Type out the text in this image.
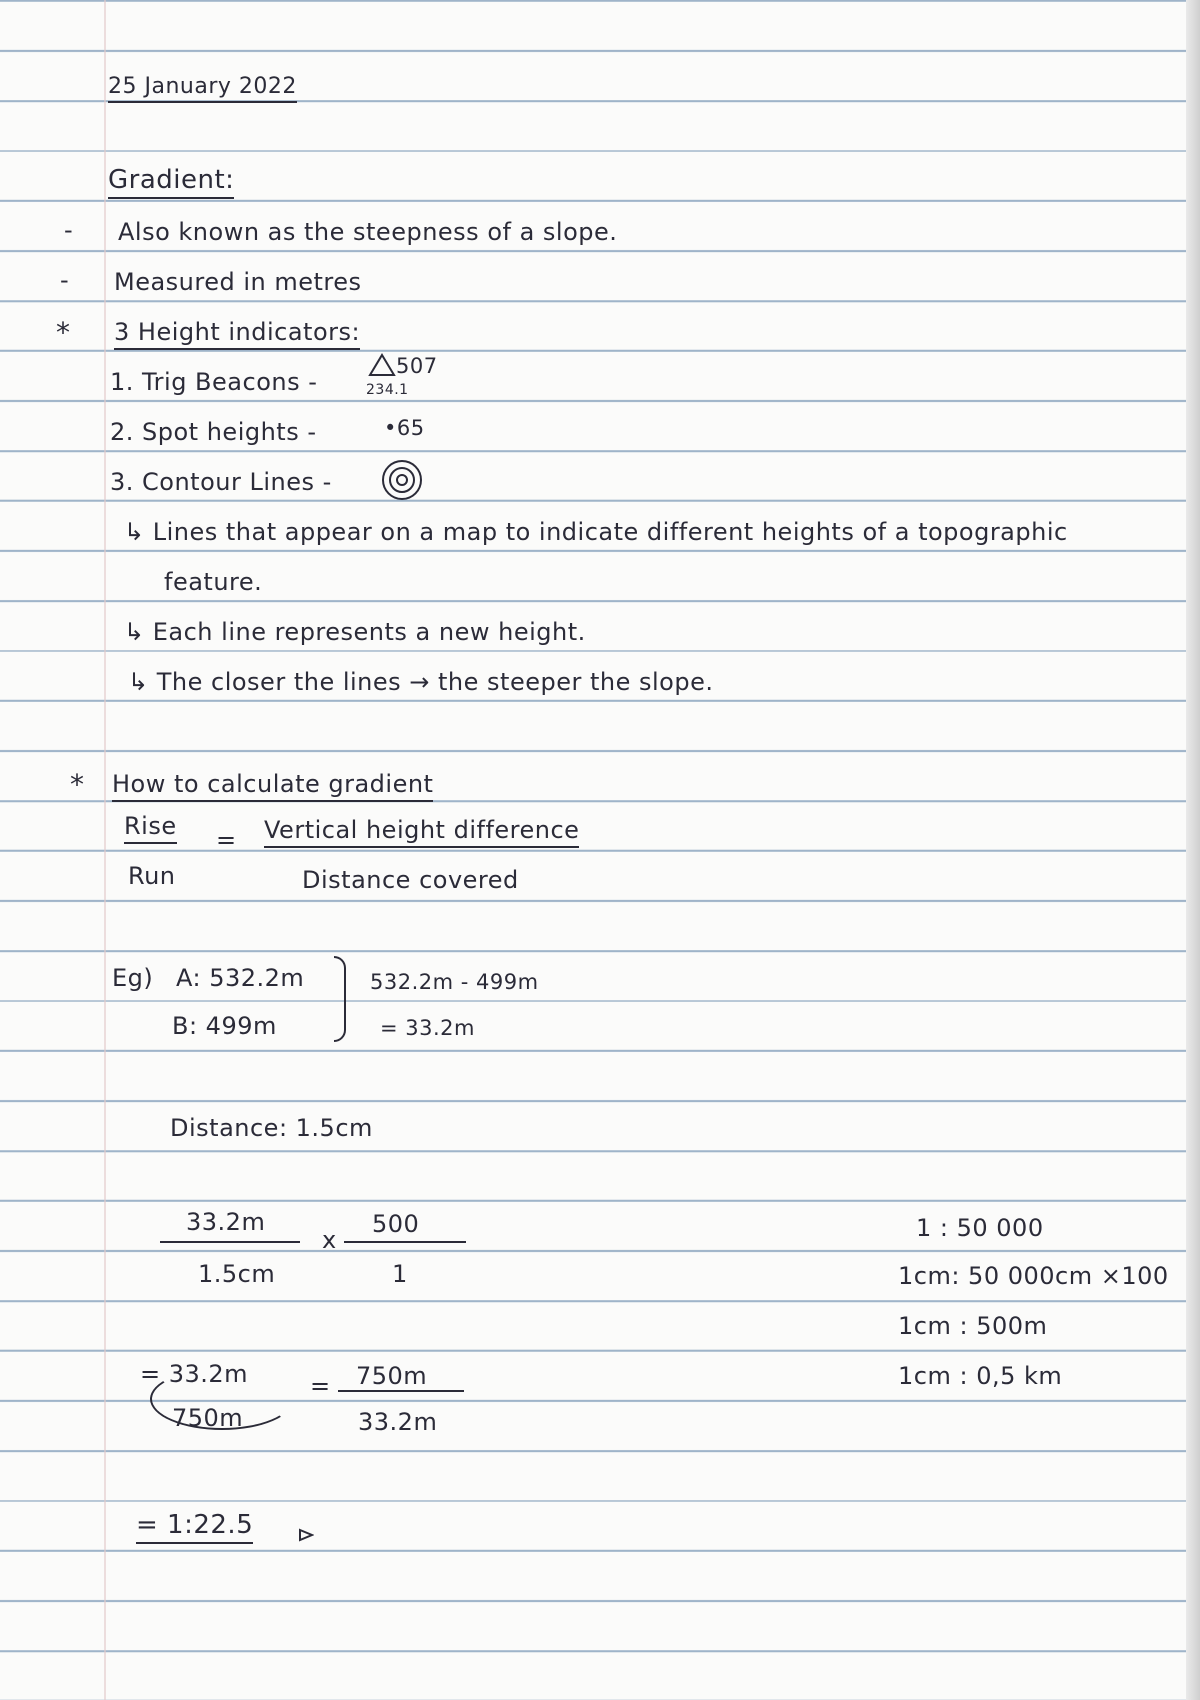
25 January 2022
Gradient:
- Also known as the steepness of a slope.
- Measured in metres
* 3 Height indicators:
1. Trig Beacons -
507
234.1
2. Spot heights -	•65
3. Contour Lines -
↳ Lines that appear on a map to indicate different heights of a topographic
feature.
↳ Each line represents a new height.
↳ The closer the lines → the steeper the slope.
* How to calculate gradient
Rise = Vertical height difference
Run	Distance covered
Eg) A: 532.2m
B: 499m
532.2m - 499m
= 33.2m
Distance: 1.5cm
33.2m
1.5cm
x
500
1
= 33.2m
750m
= 750m
33.2m
= 1:22.5
1 : 50 000
1cm: 50 000cm ×100
1cm : 500m
1cm : 0,5 km
